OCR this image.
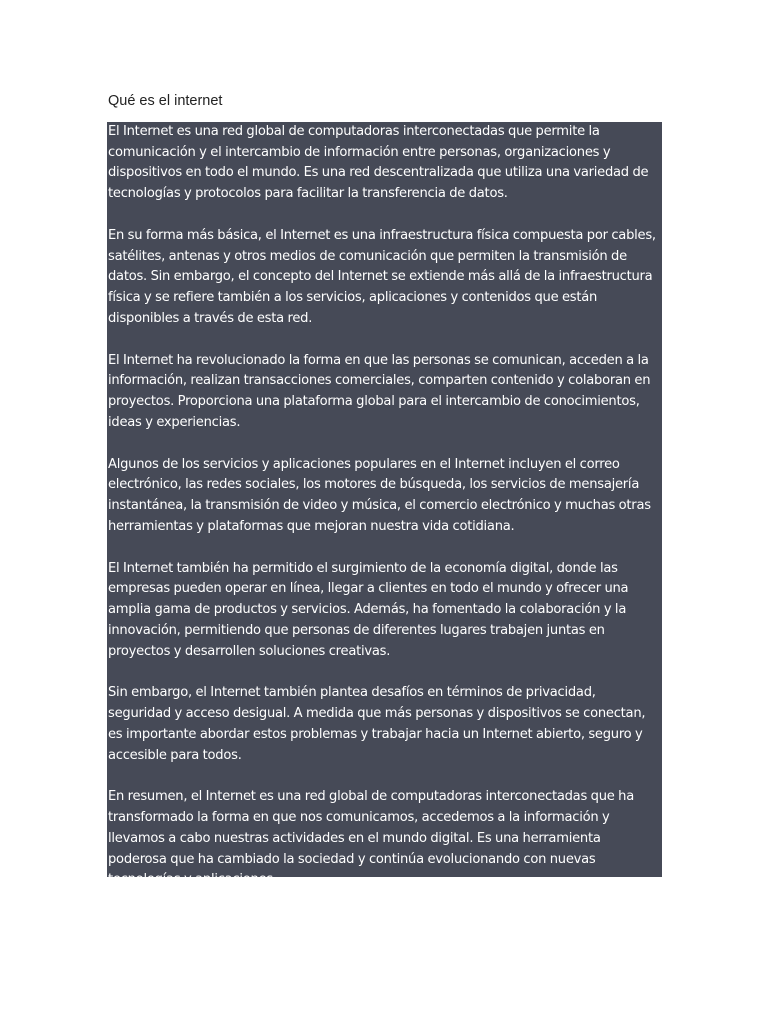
Qué es el internet

El Internet es una red global de computadoras interconectadas que permite la comunicación y el intercambio de información entre personas, organizaciones y dispositivos en todo el mundo. Es una red descentralizada que utiliza una variedad de tecnologías y protocolos para facilitar la transferencia de datos.

En su forma más básica, el Internet es una infraestructura física compuesta por cables, satélites, antenas y otros medios de comunicación que permiten la transmisión de datos. Sin embargo, el concepto del Internet se extiende más allá de la infraestructura física y se refiere también a los servicios, aplicaciones y contenidos que están disponibles a través de esta red.

El Internet ha revolucionado la forma en que las personas se comunican, acceden a la información, realizan transacciones comerciales, comparten contenido y colaboran en proyectos. Proporciona una plataforma global para el intercambio de conocimientos, ideas y experiencias.

Algunos de los servicios y aplicaciones populares en el Internet incluyen el correo electrónico, las redes sociales, los motores de búsqueda, los servicios de mensajería instantánea, la transmisión de video y música, el comercio electrónico y muchas otras herramientas y plataformas que mejoran nuestra vida cotidiana.

El Internet también ha permitido el surgimiento de la economía digital, donde las empresas pueden operar en línea, llegar a clientes en todo el mundo y ofrecer una amplia gama de productos y servicios. Además, ha fomentado la colaboración y la innovación, permitiendo que personas de diferentes lugares trabajen juntas en proyectos y desarrollen soluciones creativas.

Sin embargo, el Internet también plantea desafíos en términos de privacidad, seguridad y acceso desigual. A medida que más personas y dispositivos se conectan, es importante abordar estos problemas y trabajar hacia un Internet abierto, seguro y accesible para todos.

En resumen, el Internet es una red global de computadoras interconectadas que ha transformado la forma en que nos comunicamos, accedemos a la información y llevamos a cabo nuestras actividades en el mundo digital. Es una herramienta poderosa que ha cambiado la sociedad y continúa evolucionando con nuevas tecnologías y aplicaciones.
